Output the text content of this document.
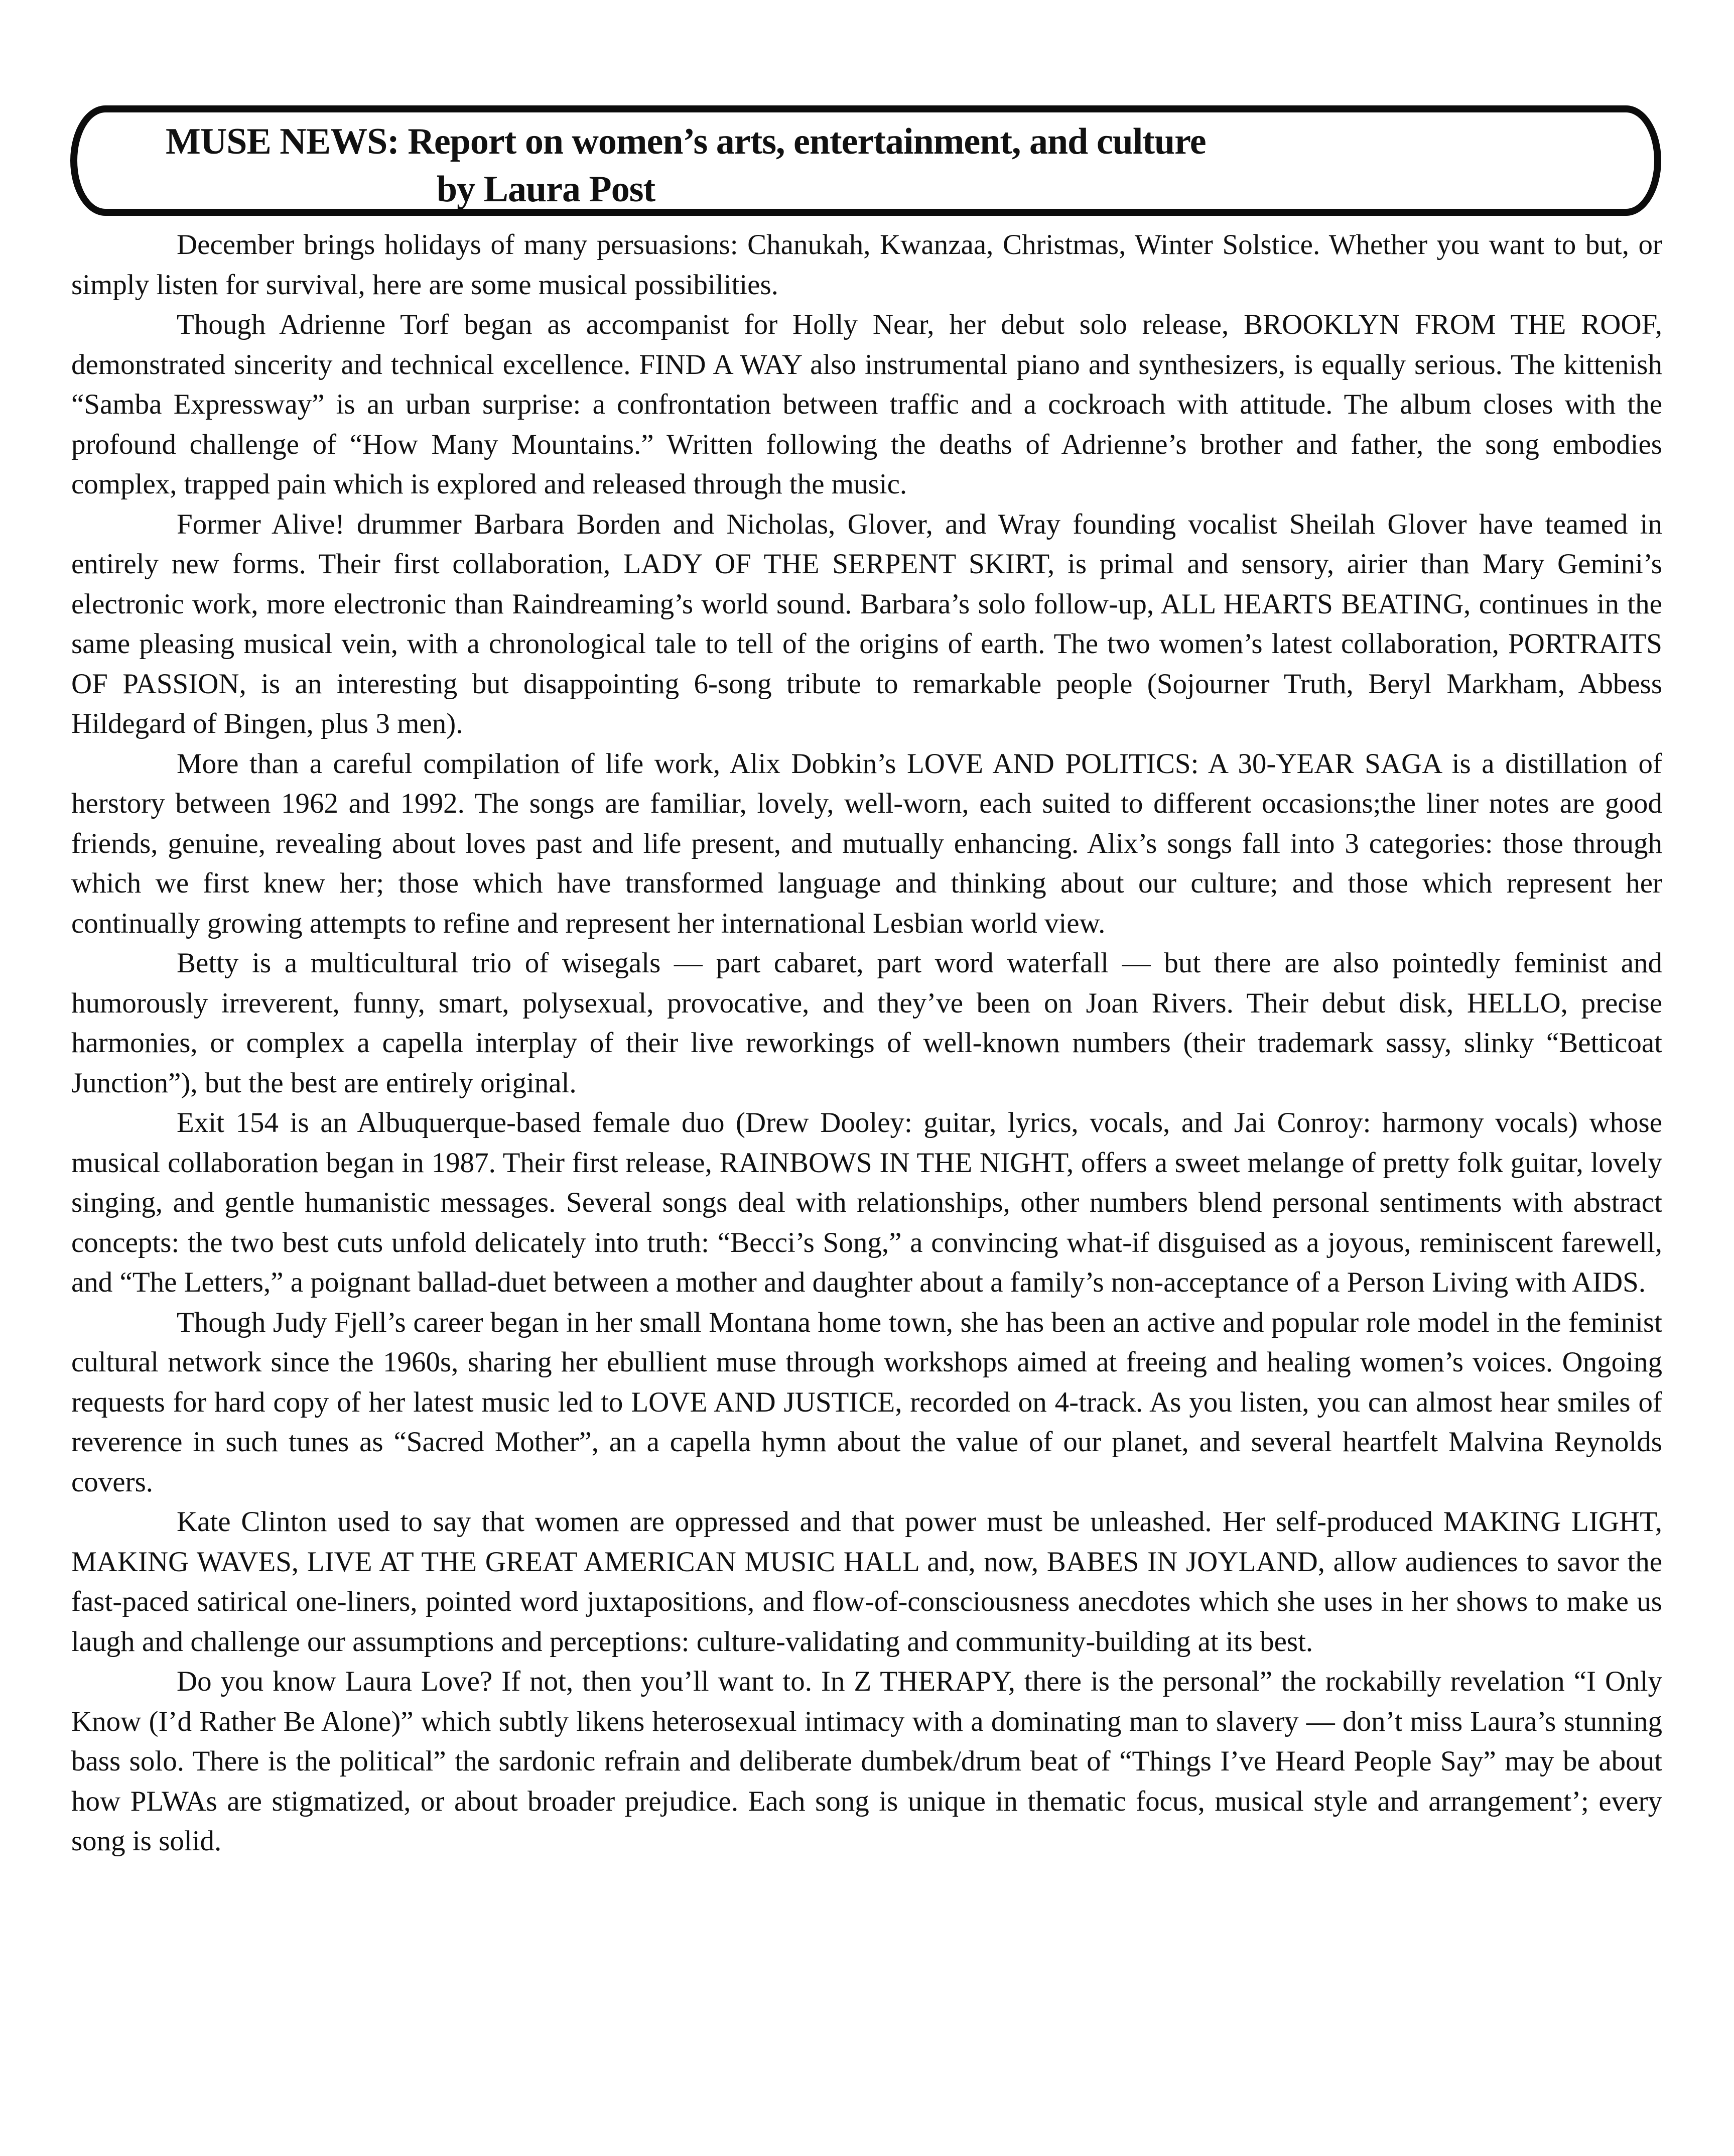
MUSE NEWS: Report on women’s arts, entertainment, and culture
by Laura Post

December brings holidays of many persuasions: Chanukah, Kwanzaa, Christmas, Winter Solstice. Whether you want to but, or simply listen for survival, here are some musical possibilities.

Though Adrienne Torf began as accompanist for Holly Near, her debut solo release, BROOKLYN FROM THE ROOF, demonstrated sincerity and technical excellence. FIND A WAY also instrumental piano and synthesizers, is equally serious. The kittenish “Samba Expressway” is an urban surprise: a confrontation between traffic and a cockroach with attitude. The album closes with the profound challenge of “How Many Mountains.” Written following the deaths of Adrienne’s brother and father, the song embodies complex, trapped pain which is explored and released through the music.

Former Alive! drummer Barbara Borden and Nicholas, Glover, and Wray founding vocalist Sheilah Glover have teamed in entirely new forms. Their first collaboration, LADY OF THE SERPENT SKIRT, is primal and sensory, airier than Mary Gemini’s electronic work, more electronic than Raindreaming’s world sound. Barbara’s solo follow-up, ALL HEARTS BEATING, continues in the same pleasing musical vein, with a chronological tale to tell of the origins of earth. The two women’s latest collaboration, PORTRAITS OF PASSION, is an interesting but disappointing 6-song tribute to remarkable people (Sojourner Truth, Beryl Markham, Abbess Hildegard of Bingen, plus 3 men).

More than a careful compilation of life work, Alix Dobkin’s LOVE AND POLITICS: A 30-YEAR SAGA is a distillation of herstory between 1962 and 1992. The songs are familiar, lovely, well-worn, each suited to different occasions;the liner notes are good friends, genuine, revealing about loves past and life present, and mutually enhancing. Alix’s songs fall into 3 categories: those through which we first knew her; those which have transformed language and thinking about our culture; and those which represent her continually growing attempts to refine and represent her international Lesbian world view.

Betty is a multicultural trio of wisegals — part cabaret, part word waterfall — but there are also pointedly feminist and humorously irreverent, funny, smart, polysexual, provocative, and they’ve been on Joan Rivers. Their debut disk, HELLO, precise harmonies, or complex a capella interplay of their live reworkings of well-known numbers (their trademark sassy, slinky “Betticoat Junction”), but the best are entirely original.

Exit 154 is an Albuquerque-based female duo (Drew Dooley: guitar, lyrics, vocals, and Jai Conroy: harmony vocals) whose musical collaboration began in 1987. Their first release, RAINBOWS IN THE NIGHT, offers a sweet melange of pretty folk guitar, lovely singing, and gentle humanistic messages. Several songs deal with relationships, other numbers blend personal sentiments with abstract concepts: the two best cuts unfold delicately into truth: “Becci’s Song,” a convincing what-if disguised as a joyous, reminiscent farewell, and “The Letters,” a poignant ballad-duet between a mother and daughter about a family’s non-acceptance of a Person Living with AIDS.

Though Judy Fjell’s career began in her small Montana home town, she has been an active and popular role model in the feminist cultural network since the 1960s, sharing her ebullient muse through workshops aimed at freeing and healing women’s voices. Ongoing requests for hard copy of her latest music led to LOVE AND JUSTICE, recorded on 4-track. As you listen, you can almost hear smiles of reverence in such tunes as “Sacred Mother”, an a capella hymn about the value of our planet, and several heartfelt Malvina Reynolds covers.

Kate Clinton used to say that women are oppressed and that power must be unleashed. Her self-produced MAKING LIGHT, MAKING WAVES, LIVE AT THE GREAT AMERICAN MUSIC HALL and, now, BABES IN JOYLAND, allow audiences to savor the fast-paced satirical one-liners, pointed word juxtapositions, and flow-of-consciousness anecdotes which she uses in her shows to make us laugh and challenge our assumptions and perceptions: culture-validating and community-building at its best.

Do you know Laura Love? If not, then you’ll want to. In Z THERAPY, there is the personal” the rockabilly revelation “I Only Know (I’d Rather Be Alone)” which subtly likens heterosexual intimacy with a dominating man to slavery — don’t miss Laura’s stunning bass solo. There is the political” the sardonic refrain and deliberate dumbek/drum beat of “Things I’ve Heard People Say” may be about how PLWAs are stigmatized, or about broader prejudice. Each song is unique in thematic focus, musical style and arrangement’; every song is solid.
